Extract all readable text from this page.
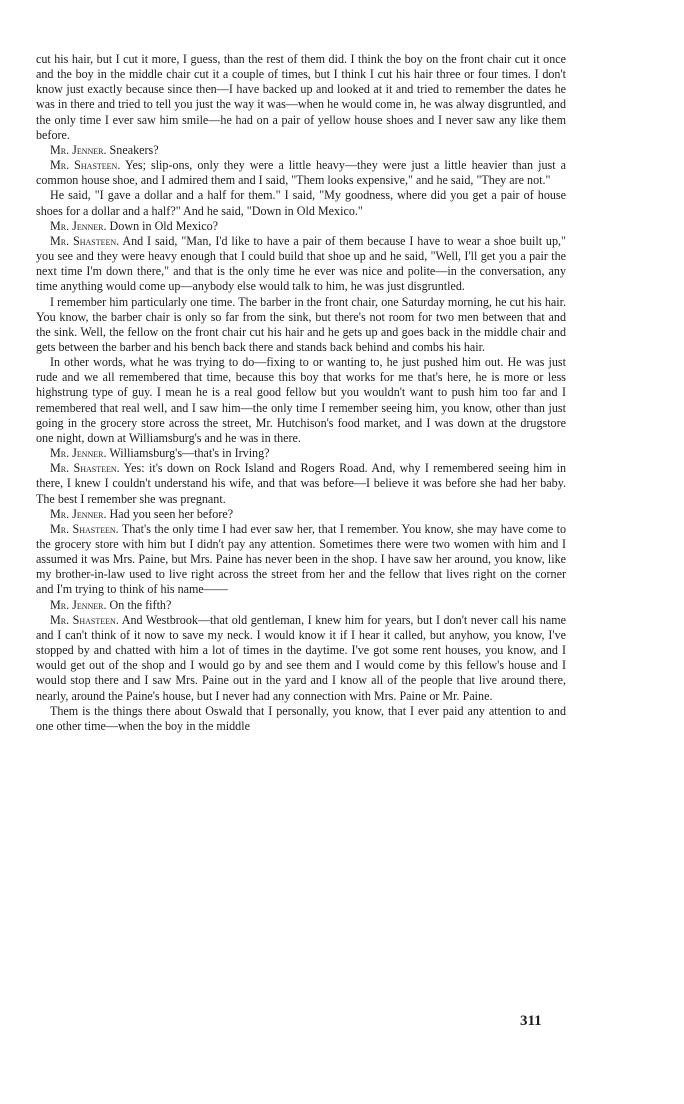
cut his hair, but I cut it more, I guess, than the rest of them did. I think the boy on the front chair cut it once and the boy in the middle chair cut it a couple of times, but I think I cut his hair three or four times. I don't know just exactly because since then—I have backed up and looked at it and tried to remember the dates he was in there and tried to tell you just the way it was—when he would come in, he was alway disgruntled, and the only time I ever saw him smile—he had on a pair of yellow house shoes and I never saw any like them before.

Mr. Jenner. Sneakers?

Mr. Shasteen. Yes; slip-ons, only they were a little heavy—they were just a little heavier than just a common house shoe, and I admired them and I said, "Them looks expensive," and he said, "They are not."

He said, "I gave a dollar and a half for them." I said, "My goodness, where did you get a pair of house shoes for a dollar and a half?" And he said, "Down in Old Mexico."

Mr. Jenner. Down in Old Mexico?

Mr. Shasteen. And I said, "Man, I'd like to have a pair of them because I have to wear a shoe built up," you see and they were heavy enough that I could build that shoe up and he said, "Well, I'll get you a pair the next time I'm down there," and that is the only time he ever was nice and polite—in the conversation, any time anything would come up—anybody else would talk to him, he was just disgruntled.

I remember him particularly one time. The barber in the front chair, one Saturday morning, he cut his hair. You know, the barber chair is only so far from the sink, but there's not room for two men between that and the sink. Well, the fellow on the front chair cut his hair and he gets up and goes back in the middle chair and gets between the barber and his bench back there and stands back behind and combs his hair.

In other words, what he was trying to do—fixing to or wanting to, he just pushed him out. He was just rude and we all remembered that time, because this boy that works for me that's here, he is more or less highstrung type of guy. I mean he is a real good fellow but you wouldn't want to push him too far and I remembered that real well, and I saw him—the only time I remember seeing him, you know, other than just going in the grocery store across the street, Mr. Hutchison's food market, and I was down at the drugstore one night, down at Williamsburg's and he was in there.

Mr. Jenner. Williamsburg's—that's in Irving?

Mr. Shasteen. Yes: it's down on Rock Island and Rogers Road. And, why I remembered seeing him in there, I knew I couldn't understand his wife, and that was before—I believe it was before she had her baby. The best I remember she was pregnant.

Mr. Jenner. Had you seen her before?

Mr. Shasteen. That's the only time I had ever saw her, that I remember. You know, she may have come to the grocery store with him but I didn't pay any attention. Sometimes there were two women with him and I assumed it was Mrs. Paine, but Mrs. Paine has never been in the shop. I have saw her around, you know, like my brother-in-law used to live right across the street from her and the fellow that lives right on the corner and I'm trying to think of his name——

Mr. Jenner. On the fifth?

Mr. Shasteen. And Westbrook—that old gentleman, I knew him for years, but I don't never call his name and I can't think of it now to save my neck. I would know it if I hear it called, but anyhow, you know, I've stopped by and chatted with him a lot of times in the daytime. I've got some rent houses, you know, and I would get out of the shop and I would go by and see them and I would come by this fellow's house and I would stop there and I saw Mrs. Paine out in the yard and I know all of the people that live around there, nearly, around the Paine's house, but I never had any connection with Mrs. Paine or Mr. Paine.

Them is the things there about Oswald that I personally, you know, that I ever paid any attention to and one other time—when the boy in the middle

311
